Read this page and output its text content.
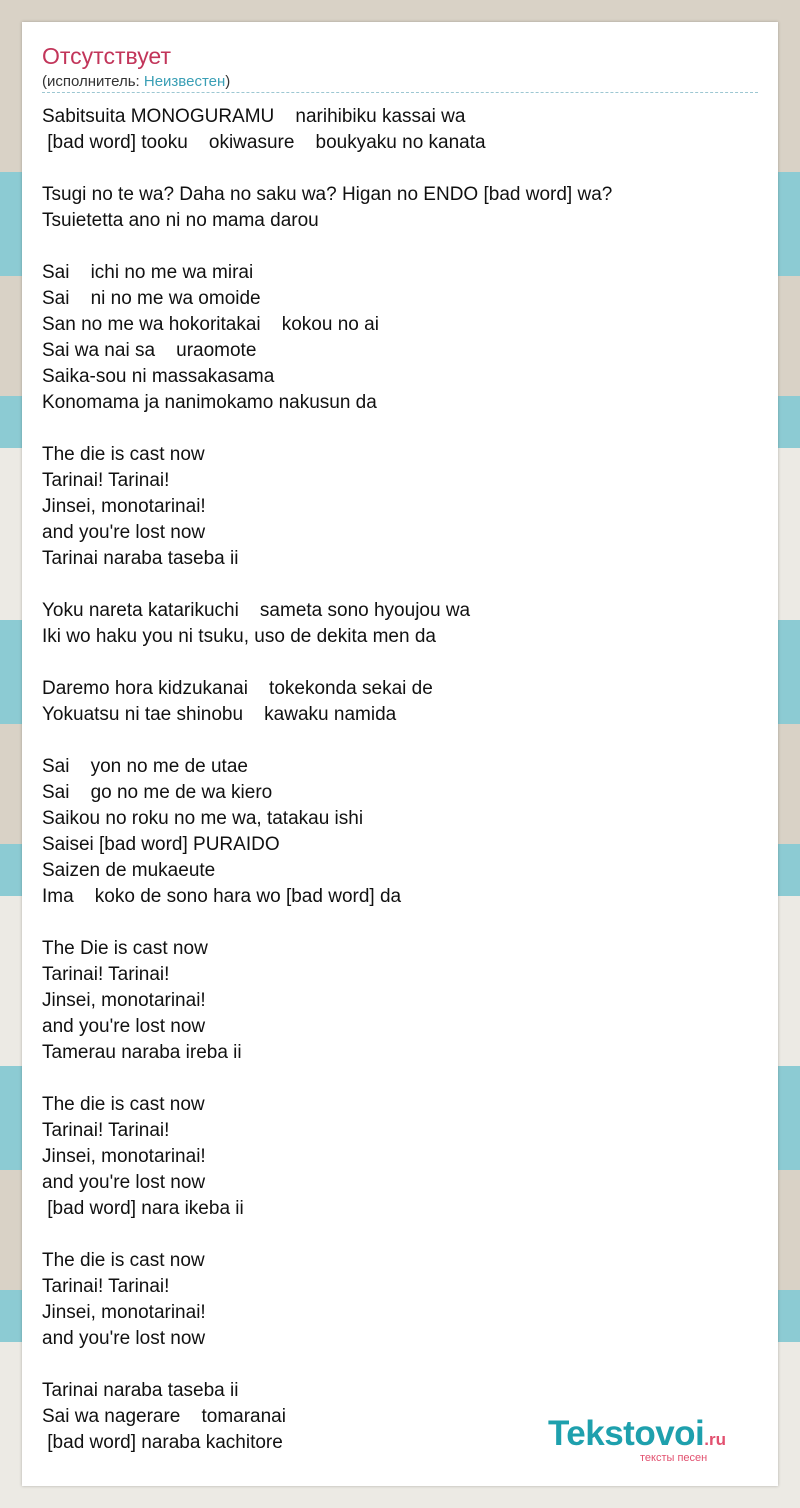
Отсутствует
(исполнитель: Неизвестен)
Sabitsuita MONOGURAMU    narihibiku kassai wa
[bad word] tooku    okiwasure    boukyaku no kanata
Tsugi no te wa? Daha no saku wa? Higan no ENDO [bad word] wa?
Tsuietetta ano ni no mama darou
Sai    ichi no me wa mirai
Sai    ni no me wa omoide
San no me wa hokoritakai    kokou no ai
Sai wa nai sa    uraomote
Saika-sou ni massakasama
Konomama ja nanimokamo nakusun da
The die is cast now
Tarinai! Tarinai!
Jinsei, monotarinai!
and you're lost now
Tarinai naraba taseba ii
Yoku nareta katarikuchi    sameta sono hyoujou wa
Iki wo haku you ni tsuku, uso de dekita men da
Daremo hora kidzukanai    tokekonda sekai de
Yokuatsu ni tae shinobu    kawaku namida
Sai    yon no me de utae
Sai    go no me de wa kiero
Saikou no roku no me wa, tatakau ishi
Saisei [bad word] PURAIDO
Saizen de mukaeute
Ima    koko de sono hara wo [bad word] da
The Die is cast now
Tarinai! Tarinai!
Jinsei, monotarinai!
and you're lost now
Tamerau naraba ireba ii
The die is cast now
Tarinai! Tarinai!
Jinsei, monotarinai!
and you're lost now
[bad word] nara ikeba ii
The die is cast now
Tarinai! Tarinai!
Jinsei, monotarinai!
and you're lost now
Tarinai naraba taseba ii
Sai wa nagerare    tomaranai
[bad word] naraba kachitore	Tekstovoi.ru
тексты песен
